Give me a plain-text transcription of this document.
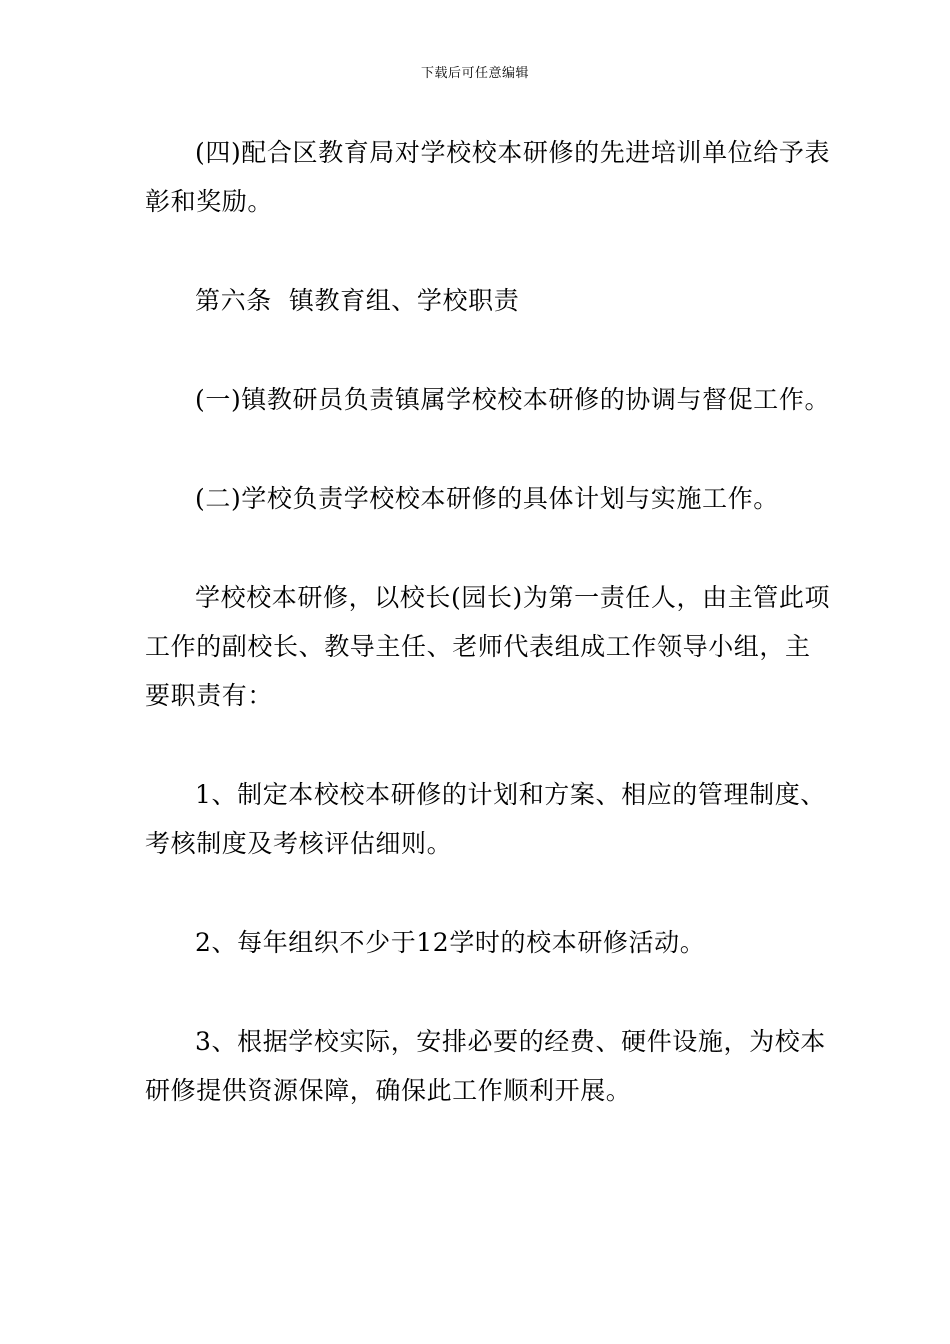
下载后可任意编辑

(四)配合区教育局对学校校本研修的先进培训单位给予表彰和奖励。

第六条  镇教育组、学校职责

(一)镇教研员负责镇属学校校本研修的协调与督促工作。

(二)学校负责学校校本研修的具体计划与实施工作。

学校校本研修，以校长(园长)为第一责任人，由主管此项工作的副校长、教导主任、老师代表组成工作领导小组，主要职责有：

1、制定本校校本研修的计划和方案、相应的管理制度、考核制度及考核评估细则。

2、每年组织不少于12学时的校本研修活动。

3、根据学校实际，安排必要的经费、硬件设施，为校本研修提供资源保障，确保此工作顺利开展。
